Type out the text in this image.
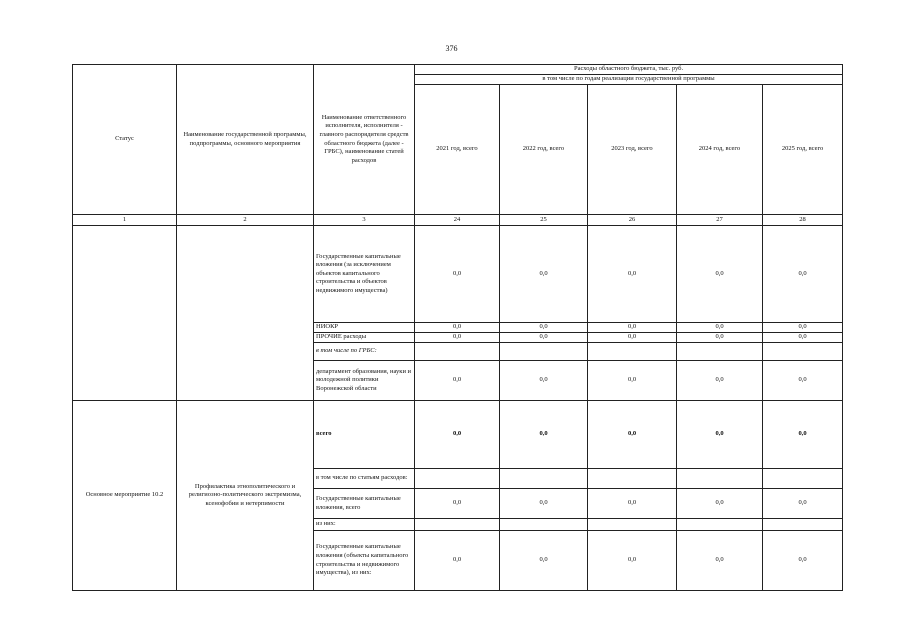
376
Статус	Наименование государственной программы, подпрограммы, основного мероприятия	Наименование ответственного исполнителя, исполнителя - главного распорядителя средств областного бюджета (далее - ГРБС), наименование статей расходов	Расходы областного бюджета, тыс. руб.				
			в том числе по годам реализации государственной программы				
			2021 год, всего	2022 год, всего	2023 год, всего	2024 год, всего	2025 год, всего
1	2	3	24	25	26	27	28
		Государственные капитальные вложения (за исключением объектов капитального строительства и объектов недвижимого имущества)	0,0	0,0	0,0	0,0	0,0
		НИОКР	0,0	0,0	0,0	0,0	0,0
		ПРОЧИЕ расходы	0,0	0,0	0,0	0,0	0,0
		в том числе по ГРБС:					
		департамент образования, науки и молодежной политики Воронежской области	0,0	0,0	0,0	0,0	0,0
Основное мероприятие 10.2	Профилактика этнополитического и религиозно-политического экстремизма, ксенофобии и нетерпимости	всего	0,0	0,0	0,0	0,0	0,0
		в том числе по статьям расходов:					
		Государственные капитальные вложения, всего	0,0	0,0	0,0	0,0	0,0
		из них:					
		Государственные капитальные вложения (объекты капитального строительства и недвижимого имущества), из них:	0,0	0,0	0,0	0,0	0,0
